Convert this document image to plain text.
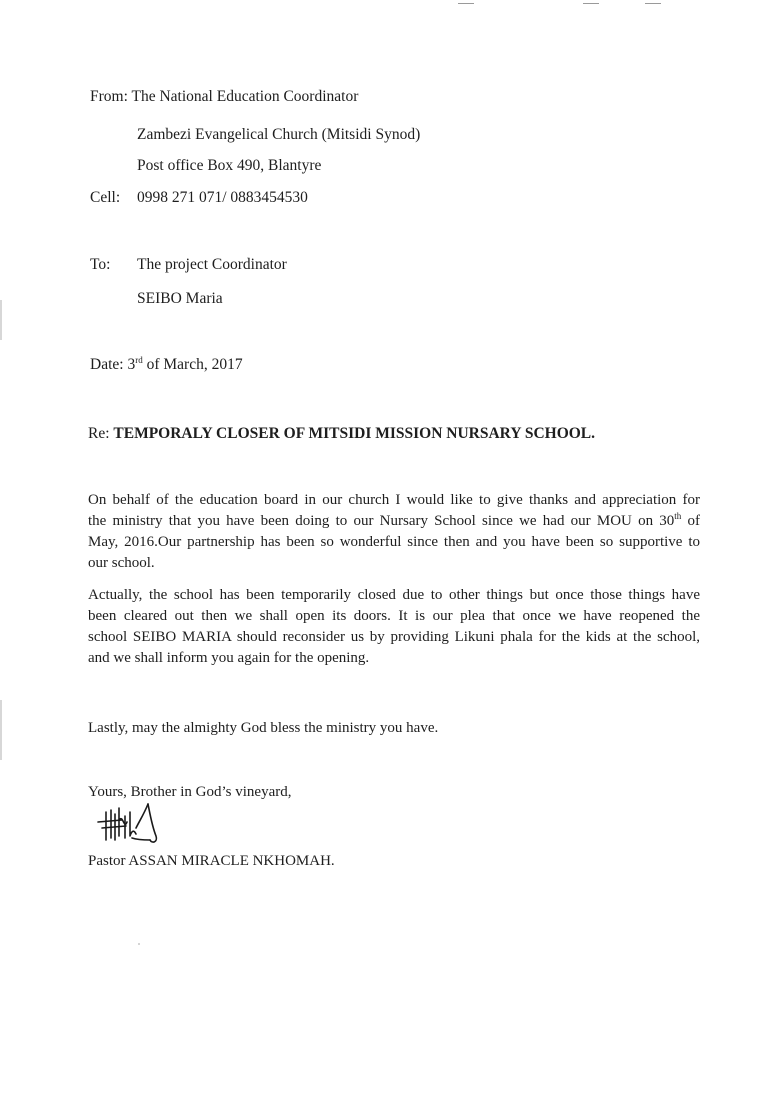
From: The National Education Coordinator
Zambezi Evangelical Church (Mitsidi Synod)
Post office Box 490, Blantyre
Cell: 0998 271 071/ 0883454530
To: The project Coordinator
SEIBO Maria
Date: 3rd of March, 2017
Re: TEMPORALY CLOSER OF MITSIDI MISSION NURSARY SCHOOL.
On behalf of the education board in our church I would like to give thanks and appreciation for
the ministry that you have been doing to our Nursary School since we had our MOU on 30th of
May, 2016.Our partnership has been so wonderful since then and you have been so supportive to
our school.
Actually, the school has been temporarily closed due to other things but once those things have
been cleared out then we shall open its doors. It is our plea that once we have reopened the
school SEIBO MARIA should reconsider us by providing Likuni phala for the kids at the school,
and we shall inform you again for the opening.
Lastly, may the almighty God bless the ministry you have.
Yours, Brother in God’s vineyard,
Pastor ASSAN MIRACLE NKHOMAH.
